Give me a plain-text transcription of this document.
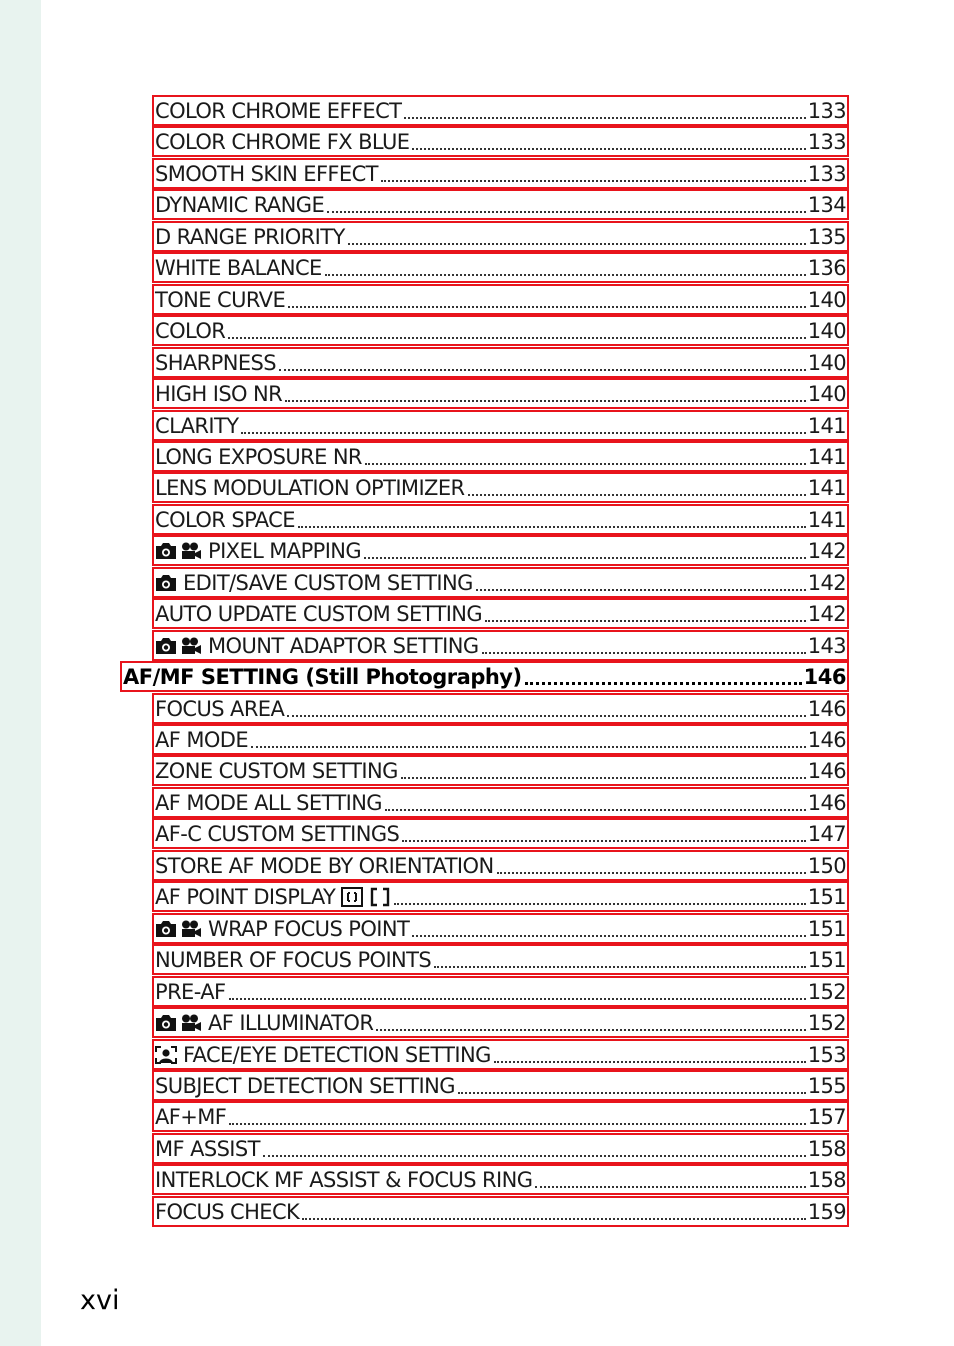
COLOR CHROME EFFECT	133
COLOR CHROME FX BLUE	133
SMOOTH SKIN EFFECT	133
DYNAMIC RANGE	134
D RANGE PRIORITY	135
WHITE BALANCE	136
TONE CURVE	140
COLOR	140
SHARPNESS	140
HIGH ISO NR	140
CLARITY	141
LONG EXPOSURE NR	141
LENS MODULATION OPTIMIZER	141
COLOR SPACE	141
PIXEL MAPPING	142
EDIT/SAVE CUSTOM SETTING	142
AUTO UPDATE CUSTOM SETTING	142
MOUNT ADAPTOR SETTING	143
AF/MF SETTING (Still Photography)	146
FOCUS AREA	146
AF MODE	146
ZONE CUSTOM SETTING	146
AF MODE ALL SETTING	146
AF-C CUSTOM SETTINGS	147
STORE AF MODE BY ORIENTATION	150
AF POINT DISPLAY	151
WRAP FOCUS POINT	151
NUMBER OF FOCUS POINTS	151
PRE-AF	152
AF ILLUMINATOR	152
FACE/EYE DETECTION SETTING	153
SUBJECT DETECTION SETTING	155
AF+MF	157
MF ASSIST	158
INTERLOCK MF ASSIST & FOCUS RING	158
FOCUS CHECK	159
xvi
